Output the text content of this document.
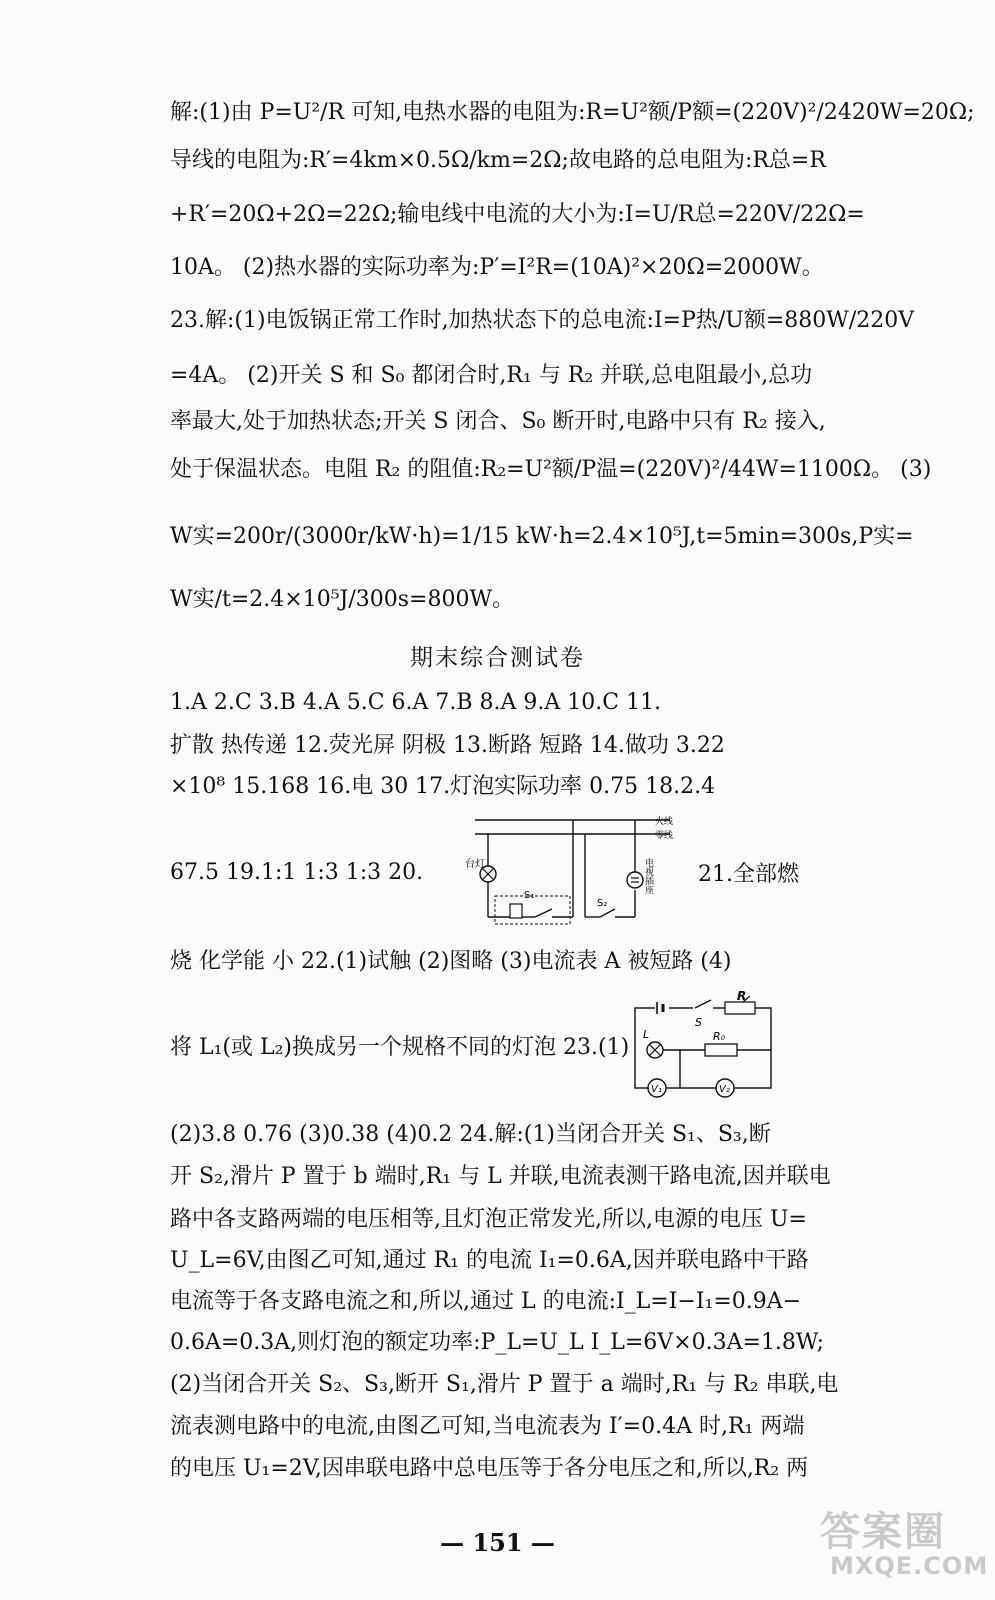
解:(1)由 P=U²/R 可知,电热水器的电阻为:R=U²额/P额=(220V)²/2420W=20Ω;
导线的电阻为:R′=4km×0.5Ω/km=2Ω;故电路的总电阻为:R总=R
+R′=20Ω+2Ω=22Ω;输电线中电流的大小为:I=U/R总=220V/22Ω=
10A。 (2)热水器的实际功率为:P′=I²R=(10A)²×20Ω=2000W。
23.解:(1)电饭锅正常工作时,加热状态下的总电流:I=P热/U额=880W/220V
=4A。 (2)开关 S 和 S₀ 都闭合时,R₁ 与 R₂ 并联,总电阻最小,总功
率最大,处于加热状态;开关 S 闭合、S₀ 断开时,电路中只有 R₂ 接入,
处于保温状态。电阻 R₂ 的阻值:R₂=U²额/P温=(220V)²/44W=1100Ω。 (3)
W实=200r/(3000r/kW·h)=1/15 kW·h=2.4×10⁵J,t=5min=300s,P实=
W实/t=2.4×10⁵J/300s=800W。
期末综合测试卷
1.A 2.C 3.B 4.A 5.C 6.A 7.B 8.A 9.A 10.C 11.
扩散 热传递 12.荧光屏 阴极 13.断路 短路 14.做功 3.22
×10⁸ 15.168 16.电 30 17.灯泡实际功率 0.75 18.2.4
67.5 19.1:1 1:3 1:3 20.
火线
零线
台灯
S₁
S₂
电视插座 21.全部燃
烧 化学能 小 22.(1)试触 (2)图略 (3)电流表 A 被短路 (4)
将 L₁(或 L₂)换成另一个规格不同的灯泡 23.(1)
S
R
L	R₀
V₁	V₂
(2)3.8 0.76 (3)0.38 (4)0.2 24.解:(1)当闭合开关 S₁、S₃,断
开 S₂,滑片 P 置于 b 端时,R₁ 与 L 并联,电流表测干路电流,因并联电
路中各支路两端的电压相等,且灯泡正常发光,所以,电源的电压 U=
U_L=6V,由图乙可知,通过 R₁ 的电流 I₁=0.6A,因并联电路中干路
电流等于各支路电流之和,所以,通过 L 的电流:I_L=I−I₁=0.9A−
0.6A=0.3A,则灯泡的额定功率:P_L=U_L I_L=6V×0.3A=1.8W;
(2)当闭合开关 S₂、S₃,断开 S₁,滑片 P 置于 a 端时,R₁ 与 R₂ 串联,电
流表测电路中的电流,由图乙可知,当电流表为 I′=0.4A 时,R₁ 两端
的电压 U₁=2V,因串联电路中总电压等于各分电压之和,所以,R₂ 两
— 151 —	答案圈
MXQE.COM
